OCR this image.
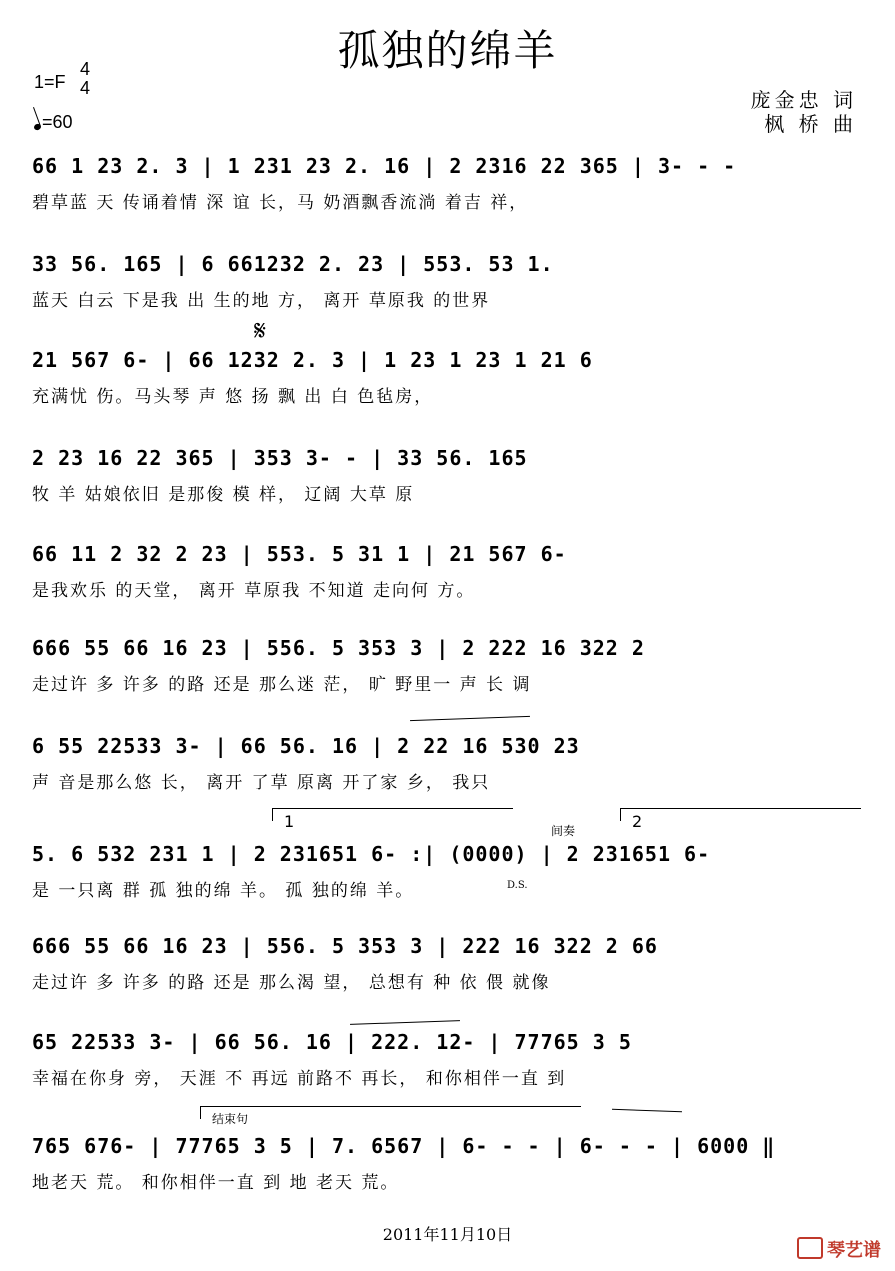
孤独的绵羊
1=F
4
4
=60
庞金忠 词
枫 桥 曲
𝄋
1	间奏	2
D.S.
结束句
66 1 23 2. 3 | 1 231 23 2. 16 | 2 2316 22 365 | 3- - -
碧草蓝 天 传诵着情 深 谊 长，马 奶酒飘香流淌 着吉 祥，
33 56. 165 | 6 661232 2. 23 | 553. 53 1.
蓝天 白云 下是我 出 生的地 方， 离开 草原我 的世界
21 567 6- | 66 1232 2. 3 | 1 23 1 23 1 21 6
充满忧 伤。马头琴 声 悠 扬 飘 出 白 色毡房，
2 23 16 22 365 | 353 3- - | 33 56. 165
牧 羊 姑娘依旧 是那俊 模 样， 辽阔 大草 原
66 11 2 32 2 23 | 553. 5 31 1 | 21 567 6-
是我欢乐 的天堂， 离开 草原我 不知道 走向何 方。
666 55 66 16 23 | 556. 5 353 3 | 2 222 16 322 2
走过许 多 许多 的路 还是 那么迷 茫， 旷 野里一 声 长 调
6 55 22533 3- | 66 56. 16 | 2 22 16 530 23
声 音是那么悠 长， 离开 了草 原离 开了家 乡， 我只
5. 6 532 231 1 | 2 231651 6- :| (0000) | 2 231651 6-
是 一只离 群 孤 独的绵 羊。 孤 独的绵 羊。
666 55 66 16 23 | 556. 5 353 3 | 222 16 322 2 66
走过许 多 许多 的路 还是 那么渴 望， 总想有 种 依 偎 就像
65 22533 3- | 66 56. 16 | 222. 12- | 77765 3 5
幸福在你身 旁， 天涯 不 再远 前路不 再长， 和你相伴一直 到
765 676- | 77765 3 5 | 7. 6567 | 6- - - | 6- - - | 6000 ‖
地老天 荒。 和你相伴一直 到 地 老天 荒。
2011年11月10日
琴艺谱
